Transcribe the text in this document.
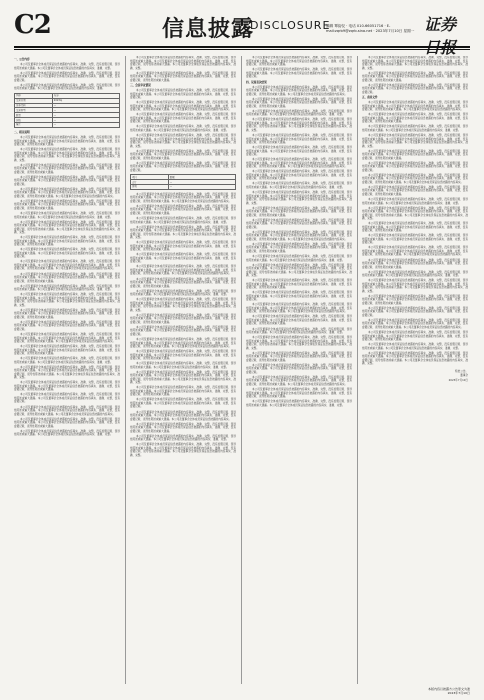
C2	信息披露
DISCLOSURE
编辑 覃韵仪 · 电话 010-66051716 · E-mail:zqrb9@zqrb.sina.net · 2023年7月10日 星期一 证券

一、公告内容

本公司及董事会全体成员保证信息披露的内容真实、准确、完整，没有虚假记载、误导性陈述或重大遗漏。本公司及董事会全体成员保证信息披露的内容真实、准确、完整。

本公司及董事会全体成员保证信息披露的内容真实、准确、完整，没有虚假记载、误导性陈述或重大遗漏。本公司及董事会全体成员保证信息披露的内容真实、准确、完整，没有虚假记载。

本公司及董事会全体成员保证信息披露的内容真实、准确、完整，没有虚假记载、误导性陈述或重大遗漏。本公司及董事会全体成员保证信息披露的内容真实、准确。

名称	内容
交易日期	2023年
证券代码	—
交易类型	—
数量	—
价格	—
备注	—

二、相关说明

本公司及董事会全体成员保证信息披露的内容真实、准确、完整，没有虚假记载、误导性陈述或重大遗漏。本公司及董事会全体成员保证信息披露的内容真实、准确、完整，没有虚假记载、误导性陈述或重大遗漏。

本公司及董事会全体成员保证信息披露的内容真实、准确、完整，没有虚假记载、误导性陈述或重大遗漏。本公司及董事会全体成员保证信息披露的内容真实、准确、完整，没有虚假记载、误导性陈述或重大遗漏。本公司及董事会全体成员保证信息披露的内容真实、准确、完整。

本公司及董事会全体成员保证信息披露的内容真实、准确、完整，没有虚假记载、误导性陈述或重大遗漏。本公司及董事会全体成员保证信息披露的内容真实、准确、完整，没有虚假记载、误导性陈述或重大遗漏。

本公司及董事会全体成员保证信息披露的内容真实、准确、完整，没有虚假记载、误导性陈述或重大遗漏。本公司及董事会全体成员保证信息披露的内容真实、准确、完整，没有虚假记载。

本公司及董事会全体成员保证信息披露的内容真实、准确、完整，没有虚假记载、误导性陈述或重大遗漏。本公司及董事会全体成员保证信息披露的内容真实、准确、完整，没有虚假记载、误导性陈述或重大遗漏。本公司及董事会全体成员保证信息披露的内容真实。

本公司及董事会全体成员保证信息披露的内容真实、准确、完整，没有虚假记载、误导性陈述或重大遗漏。本公司及董事会全体成员保证信息披露的内容真实、准确、完整，没有虚假记载、误导性陈述或重大遗漏。

本公司及董事会全体成员保证信息披露的内容真实、准确、完整，没有虚假记载、误导性陈述或重大遗漏。本公司及董事会全体成员保证信息披露的内容真实、准确、完整。

本公司及董事会全体成员保证信息披露的内容真实、准确、完整，没有虚假记载、误导性陈述或重大遗漏。本公司及董事会全体成员保证信息披露的内容真实、准确、完整，没有虚假记载、误导性陈述或重大遗漏。本公司及董事会全体成员保证信息披露的内容真实、准确、完整。

本公司及董事会全体成员保证信息披露的内容真实、准确、完整，没有虚假记载、误导性陈述或重大遗漏。本公司及董事会全体成员保证信息披露的内容真实、准确、完整，没有虚假记载、误导性陈述或重大遗漏。

本公司及董事会全体成员保证信息披露的内容真实、准确、完整，没有虚假记载、误导性陈述或重大遗漏。本公司及董事会全体成员保证信息披露的内容真实、准确、完整，没有虚假记载。

本公司及董事会全体成员保证信息披露的内容真实、准确、完整，没有虚假记载、误导性陈述或重大遗漏。本公司及董事会全体成员保证信息披露的内容真实、准确、完整，没有虚假记载、误导性陈述或重大遗漏。本公司及董事会全体成员保证信息披露的内容真实。

本公司及董事会全体成员保证信息披露的内容真实、准确、完整，没有虚假记载、误导性陈述或重大遗漏。本公司及董事会全体成员保证信息披露的内容真实、准确、完整，没有虚假记载、误导性陈述或重大遗漏。

本公司及董事会全体成员保证信息披露的内容真实、准确、完整，没有虚假记载、误导性陈述或重大遗漏。本公司及董事会全体成员保证信息披露的内容真实、准确、完整。

本公司及董事会全体成员保证信息披露的内容真实、准确、完整，没有虚假记载、误导性陈述或重大遗漏。本公司及董事会全体成员保证信息披露的内容真实、准确、完整，没有虚假记载、误导性陈述或重大遗漏。本公司及董事会全体成员保证信息披露的内容真实、准确、完整。

本公司及董事会全体成员保证信息披露的内容真实、准确、完整，没有虚假记载、误导性陈述或重大遗漏。本公司及董事会全体成员保证信息披露的内容真实、准确、完整，没有虚假记载、误导性陈述或重大遗漏。

本公司及董事会全体成员保证信息披露的内容真实、准确、完整，没有虚假记载、误导性陈述或重大遗漏。本公司及董事会全体成员保证信息披露的内容真实、准确、完整，没有虚假记载。

本公司及董事会全体成员保证信息披露的内容真实、准确、完整，没有虚假记载、误导性陈述或重大遗漏。本公司及董事会全体成员保证信息披露的内容真实、准确、完整，没有虚假记载、误导性陈述或重大遗漏。本公司及董事会全体成员保证信息披露的内容真实。

本公司及董事会全体成员保证信息披露的内容真实、准确、完整，没有虚假记载、误导性陈述或重大遗漏。本公司及董事会全体成员保证信息披露的内容真实、准确、完整，没有虚假记载、误导性陈述或重大遗漏。

本公司及董事会全体成员保证信息披露的内容真实、准确、完整，没有虚假记载、误导性陈述或重大遗漏。本公司及董事会全体成员保证信息披露的内容真实、准确、完整。

本公司及董事会全体成员保证信息披露的内容真实、准确、完整，没有虚假记载、误导性陈述或重大遗漏。本公司及董事会全体成员保证信息披露的内容真实、准确、完整，没有虚假记载、误导性陈述或重大遗漏。本公司及董事会全体成员保证信息披露的内容真实、准确、完整。

本公司及董事会全体成员保证信息披露的内容真实、准确、完整，没有虚假记载、误导性陈述或重大遗漏。本公司及董事会全体成员保证信息披露的内容真实、准确、完整，没有虚假记载、误导性陈述或重大遗漏。

本公司及董事会全体成员保证信息披露的内容真实、准确、完整，没有虚假记载、误导性陈述或重大遗漏。本公司及董事会全体成员保证信息披露的内容真实、准确、完整，没有虚假记载。

本公司及董事会全体成员保证信息披露的内容真实、准确、完整，没有虚假记载、误导性陈述或重大遗漏。本公司及董事会全体成员保证信息披露的内容真实、准确、完整，没有虚假记载、误导性陈述或重大遗漏。本公司及董事会全体成员保证信息披露的内容真实。

本公司及董事会全体成员保证信息披露的内容真实、准确、完整，没有虚假记载、误导性陈述或重大遗漏。本公司及董事会全体成员保证信息披露的内容真实、准确、完整，没有虚假记载、误导性陈述或重大遗漏。

本公司及董事会全体成员保证信息披露的内容真实、准确、完整，没有虚假记载、误导性陈述或重大遗漏。本公司及董事会全体成员保证信息披露的内容真实、准确、完整。

本公司及董事会全体成员保证信息披露的内容真实、准确、完整，没有虚假记载、误导性陈述或重大遗漏。本公司及董事会全体成员保证信息披露的内容真实、准确、完整，没有虚假记载、误导性陈述或重大遗漏。本公司及董事会全体成员保证信息披露的内容真实、准确、完整。

本公司及董事会全体成员保证信息披露的内容真实、准确、完整，没有虚假记载、误导性陈述或重大遗漏。本公司及董事会全体成员保证信息披露的内容真实、准确、完整，没有虚假记载、误导性陈述或重大遗漏。

三、会议审议情况

本公司及董事会全体成员保证信息披露的内容真实、准确、完整，没有虚假记载、误导性陈述或重大遗漏。本公司及董事会全体成员保证信息披露的内容真实、准确、完整，没有虚假记载。

本公司及董事会全体成员保证信息披露的内容真实、准确、完整，没有虚假记载、误导性陈述或重大遗漏。本公司及董事会全体成员保证信息披露的内容真实、准确、完整，没有虚假记载、误导性陈述或重大遗漏。本公司及董事会全体成员保证信息披露的内容真实。

本公司及董事会全体成员保证信息披露的内容真实、准确、完整，没有虚假记载、误导性陈述或重大遗漏。本公司及董事会全体成员保证信息披露的内容真实、准确、完整，没有虚假记载、误导性陈述或重大遗漏。

本公司及董事会全体成员保证信息披露的内容真实、准确、完整，没有虚假记载、误导性陈述或重大遗漏。本公司及董事会全体成员保证信息披露的内容真实、准确、完整。

本公司及董事会全体成员保证信息披露的内容真实、准确、完整，没有虚假记载、误导性陈述或重大遗漏。本公司及董事会全体成员保证信息披露的内容真实、准确、完整，没有虚假记载、误导性陈述或重大遗漏。本公司及董事会全体成员保证信息披露的内容真实、准确、完整。

本公司及董事会全体成员保证信息披露的内容真实、准确、完整，没有虚假记载、误导性陈述或重大遗漏。本公司及董事会全体成员保证信息披露的内容真实、准确、完整，没有虚假记载、误导性陈述或重大遗漏。

本公司及董事会全体成员保证信息披露的内容真实、准确、完整，没有虚假记载、误导性陈述或重大遗漏。本公司及董事会全体成员保证信息披露的内容真实、准确、完整，没有虚假记载。

项目	数额
合计	—
说明	—

本公司及董事会全体成员保证信息披露的内容真实、准确、完整，没有虚假记载、误导性陈述或重大遗漏。本公司及董事会全体成员保证信息披露的内容真实、准确、完整，没有虚假记载、误导性陈述或重大遗漏。本公司及董事会全体成员保证信息披露的内容真实。

本公司及董事会全体成员保证信息披露的内容真实、准确、完整，没有虚假记载、误导性陈述或重大遗漏。本公司及董事会全体成员保证信息披露的内容真实、准确、完整，没有虚假记载、误导性陈述或重大遗漏。

本公司及董事会全体成员保证信息披露的内容真实、准确、完整，没有虚假记载、误导性陈述或重大遗漏。本公司及董事会全体成员保证信息披露的内容真实、准确、完整。

本公司及董事会全体成员保证信息披露的内容真实、准确、完整，没有虚假记载、误导性陈述或重大遗漏。本公司及董事会全体成员保证信息披露的内容真实、准确、完整，没有虚假记载、误导性陈述或重大遗漏。本公司及董事会全体成员保证信息披露的内容真实、准确、完整。

本公司及董事会全体成员保证信息披露的内容真实、准确、完整，没有虚假记载、误导性陈述或重大遗漏。本公司及董事会全体成员保证信息披露的内容真实、准确、完整，没有虚假记载、误导性陈述或重大遗漏。

本公司及董事会全体成员保证信息披露的内容真实、准确、完整，没有虚假记载、误导性陈述或重大遗漏。本公司及董事会全体成员保证信息披露的内容真实、准确、完整，没有虚假记载。

本公司及董事会全体成员保证信息披露的内容真实、准确、完整，没有虚假记载、误导性陈述或重大遗漏。本公司及董事会全体成员保证信息披露的内容真实、准确、完整，没有虚假记载、误导性陈述或重大遗漏。本公司及董事会全体成员保证信息披露的内容真实。

本公司及董事会全体成员保证信息披露的内容真实、准确、完整，没有虚假记载、误导性陈述或重大遗漏。本公司及董事会全体成员保证信息披露的内容真实、准确、完整，没有虚假记载、误导性陈述或重大遗漏。

本公司及董事会全体成员保证信息披露的内容真实、准确、完整，没有虚假记载、误导性陈述或重大遗漏。本公司及董事会全体成员保证信息披露的内容真实、准确、完整。

本公司及董事会全体成员保证信息披露的内容真实、准确、完整，没有虚假记载、误导性陈述或重大遗漏。本公司及董事会全体成员保证信息披露的内容真实、准确、完整，没有虚假记载、误导性陈述或重大遗漏。本公司及董事会全体成员保证信息披露的内容真实、准确、完整。

本公司及董事会全体成员保证信息披露的内容真实、准确、完整，没有虚假记载、误导性陈述或重大遗漏。本公司及董事会全体成员保证信息披露的内容真实、准确、完整，没有虚假记载、误导性陈述或重大遗漏。

本公司及董事会全体成员保证信息披露的内容真实、准确、完整，没有虚假记载、误导性陈述或重大遗漏。本公司及董事会全体成员保证信息披露的内容真实、准确、完整，没有虚假记载。

本公司及董事会全体成员保证信息披露的内容真实、准确、完整，没有虚假记载、误导性陈述或重大遗漏。本公司及董事会全体成员保证信息披露的内容真实、准确、完整，没有虚假记载、误导性陈述或重大遗漏。本公司及董事会全体成员保证信息披露的内容真实。

本公司及董事会全体成员保证信息披露的内容真实、准确、完整，没有虚假记载、误导性陈述或重大遗漏。本公司及董事会全体成员保证信息披露的内容真实、准确、完整，没有虚假记载、误导性陈述或重大遗漏。

本公司及董事会全体成员保证信息披露的内容真实、准确、完整，没有虚假记载、误导性陈述或重大遗漏。本公司及董事会全体成员保证信息披露的内容真实、准确、完整。

本公司及董事会全体成员保证信息披露的内容真实、准确、完整，没有虚假记载、误导性陈述或重大遗漏。本公司及董事会全体成员保证信息披露的内容真实、准确、完整，没有虚假记载、误导性陈述或重大遗漏。本公司及董事会全体成员保证信息披露的内容真实、准确、完整。

本公司及董事会全体成员保证信息披露的内容真实、准确、完整，没有虚假记载、误导性陈述或重大遗漏。本公司及董事会全体成员保证信息披露的内容真实、准确、完整，没有虚假记载、误导性陈述或重大遗漏。

本公司及董事会全体成员保证信息披露的内容真实、准确、完整，没有虚假记载、误导性陈述或重大遗漏。本公司及董事会全体成员保证信息披露的内容真实、准确、完整，没有虚假记载。

本公司及董事会全体成员保证信息披露的内容真实、准确、完整，没有虚假记载、误导性陈述或重大遗漏。本公司及董事会全体成员保证信息披露的内容真实、准确、完整，没有虚假记载、误导性陈述或重大遗漏。本公司及董事会全体成员保证信息披露的内容真实。

本公司及董事会全体成员保证信息披露的内容真实、准确、完整，没有虚假记载、误导性陈述或重大遗漏。本公司及董事会全体成员保证信息披露的内容真实、准确、完整，没有虚假记载、误导性陈述或重大遗漏。

本公司及董事会全体成员保证信息披露的内容真实、准确、完整，没有虚假记载、误导性陈述或重大遗漏。本公司及董事会全体成员保证信息披露的内容真实、准确、完整。

本公司及董事会全体成员保证信息披露的内容真实、准确、完整，没有虚假记载、误导性陈述或重大遗漏。本公司及董事会全体成员保证信息披露的内容真实、准确、完整，没有虚假记载、误导性陈述或重大遗漏。本公司及董事会全体成员保证信息披露的内容真实、准确、完整。

本公司及董事会全体成员保证信息披露的内容真实、准确、完整，没有虚假记载、误导性陈述或重大遗漏。本公司及董事会全体成员保证信息披露的内容真实、准确、完整，没有虚假记载、误导性陈述或重大遗漏。

本公司及董事会全体成员保证信息披露的内容真实、准确、完整，没有虚假记载、误导性陈述或重大遗漏。本公司及董事会全体成员保证信息披露的内容真实、准确、完整，没有虚假记载。

四、议案表决结果

本公司及董事会全体成员保证信息披露的内容真实、准确、完整，没有虚假记载、误导性陈述或重大遗漏。本公司及董事会全体成员保证信息披露的内容真实、准确、完整，没有虚假记载、误导性陈述或重大遗漏。本公司及董事会全体成员保证信息披露的内容真实。

本公司及董事会全体成员保证信息披露的内容真实、准确、完整，没有虚假记载、误导性陈述或重大遗漏。本公司及董事会全体成员保证信息披露的内容真实、准确、完整，没有虚假记载、误导性陈述或重大遗漏。

本公司及董事会全体成员保证信息披露的内容真实、准确、完整，没有虚假记载、误导性陈述或重大遗漏。本公司及董事会全体成员保证信息披露的内容真实、准确、完整。

本公司及董事会全体成员保证信息披露的内容真实、准确、完整，没有虚假记载、误导性陈述或重大遗漏。本公司及董事会全体成员保证信息披露的内容真实、准确、完整，没有虚假记载、误导性陈述或重大遗漏。本公司及董事会全体成员保证信息披露的内容真实、准确、完整。

本公司及董事会全体成员保证信息披露的内容真实、准确、完整，没有虚假记载、误导性陈述或重大遗漏。本公司及董事会全体成员保证信息披露的内容真实、准确、完整，没有虚假记载、误导性陈述或重大遗漏。

本公司及董事会全体成员保证信息披露的内容真实、准确、完整，没有虚假记载、误导性陈述或重大遗漏。本公司及董事会全体成员保证信息披露的内容真实、准确、完整，没有虚假记载。

本公司及董事会全体成员保证信息披露的内容真实、准确、完整，没有虚假记载、误导性陈述或重大遗漏。本公司及董事会全体成员保证信息披露的内容真实、准确、完整，没有虚假记载、误导性陈述或重大遗漏。本公司及董事会全体成员保证信息披露的内容真实。

本公司及董事会全体成员保证信息披露的内容真实、准确、完整，没有虚假记载、误导性陈述或重大遗漏。本公司及董事会全体成员保证信息披露的内容真实、准确、完整，没有虚假记载、误导性陈述或重大遗漏。

本公司及董事会全体成员保证信息披露的内容真实、准确、完整，没有虚假记载、误导性陈述或重大遗漏。本公司及董事会全体成员保证信息披露的内容真实、准确、完整。

本公司及董事会全体成员保证信息披露的内容真实、准确、完整，没有虚假记载、误导性陈述或重大遗漏。本公司及董事会全体成员保证信息披露的内容真实、准确、完整，没有虚假记载、误导性陈述或重大遗漏。本公司及董事会全体成员保证信息披露的内容真实、准确、完整。

本公司及董事会全体成员保证信息披露的内容真实、准确、完整，没有虚假记载、误导性陈述或重大遗漏。本公司及董事会全体成员保证信息披露的内容真实、准确、完整，没有虚假记载、误导性陈述或重大遗漏。

本公司及董事会全体成员保证信息披露的内容真实、准确、完整，没有虚假记载、误导性陈述或重大遗漏。本公司及董事会全体成员保证信息披露的内容真实、准确、完整，没有虚假记载。

本公司及董事会全体成员保证信息披露的内容真实、准确、完整，没有虚假记载、误导性陈述或重大遗漏。本公司及董事会全体成员保证信息披露的内容真实、准确、完整，没有虚假记载、误导性陈述或重大遗漏。本公司及董事会全体成员保证信息披露的内容真实。

本公司及董事会全体成员保证信息披露的内容真实、准确、完整，没有虚假记载、误导性陈述或重大遗漏。本公司及董事会全体成员保证信息披露的内容真实、准确、完整，没有虚假记载、误导性陈述或重大遗漏。

本公司及董事会全体成员保证信息披露的内容真实、准确、完整，没有虚假记载、误导性陈述或重大遗漏。本公司及董事会全体成员保证信息披露的内容真实、准确、完整。

本公司及董事会全体成员保证信息披露的内容真实、准确、完整，没有虚假记载、误导性陈述或重大遗漏。本公司及董事会全体成员保证信息披露的内容真实、准确、完整，没有虚假记载、误导性陈述或重大遗漏。本公司及董事会全体成员保证信息披露的内容真实、准确、完整。

本公司及董事会全体成员保证信息披露的内容真实、准确、完整，没有虚假记载、误导性陈述或重大遗漏。本公司及董事会全体成员保证信息披露的内容真实、准确、完整，没有虚假记载、误导性陈述或重大遗漏。

本公司及董事会全体成员保证信息披露的内容真实、准确、完整，没有虚假记载、误导性陈述或重大遗漏。本公司及董事会全体成员保证信息披露的内容真实、准确、完整，没有虚假记载。

本公司及董事会全体成员保证信息披露的内容真实、准确、完整，没有虚假记载、误导性陈述或重大遗漏。本公司及董事会全体成员保证信息披露的内容真实、准确、完整，没有虚假记载、误导性陈述或重大遗漏。本公司及董事会全体成员保证信息披露的内容真实。

本公司及董事会全体成员保证信息披露的内容真实、准确、完整，没有虚假记载、误导性陈述或重大遗漏。本公司及董事会全体成员保证信息披露的内容真实、准确、完整，没有虚假记载、误导性陈述或重大遗漏。

本公司及董事会全体成员保证信息披露的内容真实、准确、完整，没有虚假记载、误导性陈述或重大遗漏。本公司及董事会全体成员保证信息披露的内容真实、准确、完整。

本公司及董事会全体成员保证信息披露的内容真实、准确、完整，没有虚假记载、误导性陈述或重大遗漏。本公司及董事会全体成员保证信息披露的内容真实、准确、完整，没有虚假记载、误导性陈述或重大遗漏。本公司及董事会全体成员保证信息披露的内容真实、准确、完整。

本公司及董事会全体成员保证信息披露的内容真实、准确、完整，没有虚假记载、误导性陈述或重大遗漏。本公司及董事会全体成员保证信息披露的内容真实、准确、完整，没有虚假记载、误导性陈述或重大遗漏。

本公司及董事会全体成员保证信息披露的内容真实、准确、完整，没有虚假记载、误导性陈述或重大遗漏。本公司及董事会全体成员保证信息披露的内容真实、准确、完整，没有虚假记载。

本公司及董事会全体成员保证信息披露的内容真实、准确、完整，没有虚假记载、误导性陈述或重大遗漏。本公司及董事会全体成员保证信息披露的内容真实、准确、完整，没有虚假记载、误导性陈述或重大遗漏。本公司及董事会全体成员保证信息披露的内容真实。

本公司及董事会全体成员保证信息披露的内容真实、准确、完整，没有虚假记载、误导性陈述或重大遗漏。本公司及董事会全体成员保证信息披露的内容真实、准确、完整，没有虚假记载、误导性陈述或重大遗漏。

本公司及董事会全体成员保证信息披露的内容真实、准确、完整，没有虚假记载、误导性陈述或重大遗漏。本公司及董事会全体成员保证信息披露的内容真实、准确、完整。

本公司及董事会全体成员保证信息披露的内容真实、准确、完整，没有虚假记载、误导性陈述或重大遗漏。本公司及董事会全体成员保证信息披露的内容真实、准确、完整，没有虚假记载、误导性陈述或重大遗漏。本公司及董事会全体成员保证信息披露的内容真实、准确、完整。

本公司及董事会全体成员保证信息披露的内容真实、准确、完整，没有虚假记载、误导性陈述或重大遗漏。本公司及董事会全体成员保证信息披露的内容真实、准确、完整，没有虚假记载、误导性陈述或重大遗漏。

本公司及董事会全体成员保证信息披露的内容真实、准确、完整，没有虚假记载、误导性陈述或重大遗漏。本公司及董事会全体成员保证信息披露的内容真实、准确、完整，没有虚假记载。

五、备查文件

本公司及董事会全体成员保证信息披露的内容真实、准确、完整，没有虚假记载、误导性陈述或重大遗漏。本公司及董事会全体成员保证信息披露的内容真实、准确、完整，没有虚假记载、误导性陈述或重大遗漏。本公司及董事会全体成员保证信息披露的内容真实。

本公司及董事会全体成员保证信息披露的内容真实、准确、完整，没有虚假记载、误导性陈述或重大遗漏。本公司及董事会全体成员保证信息披露的内容真实、准确、完整，没有虚假记载、误导性陈述或重大遗漏。

本公司及董事会全体成员保证信息披露的内容真实、准确、完整，没有虚假记载、误导性陈述或重大遗漏。本公司及董事会全体成员保证信息披露的内容真实、准确、完整。

本公司及董事会全体成员保证信息披露的内容真实、准确、完整，没有虚假记载、误导性陈述或重大遗漏。本公司及董事会全体成员保证信息披露的内容真实、准确、完整，没有虚假记载、误导性陈述或重大遗漏。本公司及董事会全体成员保证信息披露的内容真实、准确、完整。

本公司及董事会全体成员保证信息披露的内容真实、准确、完整，没有虚假记载、误导性陈述或重大遗漏。本公司及董事会全体成员保证信息披露的内容真实、准确、完整，没有虚假记载、误导性陈述或重大遗漏。

本公司及董事会全体成员保证信息披露的内容真实、准确、完整，没有虚假记载、误导性陈述或重大遗漏。本公司及董事会全体成员保证信息披露的内容真实、准确、完整，没有虚假记载。

本公司及董事会全体成员保证信息披露的内容真实、准确、完整，没有虚假记载、误导性陈述或重大遗漏。本公司及董事会全体成员保证信息披露的内容真实、准确、完整，没有虚假记载、误导性陈述或重大遗漏。本公司及董事会全体成员保证信息披露的内容真实。

本公司及董事会全体成员保证信息披露的内容真实、准确、完整，没有虚假记载、误导性陈述或重大遗漏。本公司及董事会全体成员保证信息披露的内容真实、准确、完整，没有虚假记载、误导性陈述或重大遗漏。

本公司及董事会全体成员保证信息披露的内容真实、准确、完整，没有虚假记载、误导性陈述或重大遗漏。本公司及董事会全体成员保证信息披露的内容真实、准确、完整。

本公司及董事会全体成员保证信息披露的内容真实、准确、完整，没有虚假记载、误导性陈述或重大遗漏。本公司及董事会全体成员保证信息披露的内容真实、准确、完整，没有虚假记载、误导性陈述或重大遗漏。本公司及董事会全体成员保证信息披露的内容真实、准确、完整。

本公司及董事会全体成员保证信息披露的内容真实、准确、完整，没有虚假记载、误导性陈述或重大遗漏。本公司及董事会全体成员保证信息披露的内容真实、准确、完整，没有虚假记载、误导性陈述或重大遗漏。

本公司及董事会全体成员保证信息披露的内容真实、准确、完整，没有虚假记载、误导性陈述或重大遗漏。本公司及董事会全体成员保证信息披露的内容真实、准确、完整，没有虚假记载。

本公司及董事会全体成员保证信息披露的内容真实、准确、完整，没有虚假记载、误导性陈述或重大遗漏。本公司及董事会全体成员保证信息披露的内容真实、准确、完整，没有虚假记载、误导性陈述或重大遗漏。本公司及董事会全体成员保证信息披露的内容真实。

本公司及董事会全体成员保证信息披露的内容真实、准确、完整，没有虚假记载、误导性陈述或重大遗漏。本公司及董事会全体成员保证信息披露的内容真实、准确、完整，没有虚假记载、误导性陈述或重大遗漏。

本公司及董事会全体成员保证信息披露的内容真实、准确、完整，没有虚假记载、误导性陈述或重大遗漏。本公司及董事会全体成员保证信息披露的内容真实、准确、完整。

本公司及董事会全体成员保证信息披露的内容真实、准确、完整，没有虚假记载、误导性陈述或重大遗漏。本公司及董事会全体成员保证信息披露的内容真实、准确、完整，没有虚假记载、误导性陈述或重大遗漏。本公司及董事会全体成员保证信息披露的内容真实、准确、完整。

本公司及董事会全体成员保证信息披露的内容真实、准确、完整，没有虚假记载、误导性陈述或重大遗漏。本公司及董事会全体成员保证信息披露的内容真实、准确、完整，没有虚假记载、误导性陈述或重大遗漏。

本公司及董事会全体成员保证信息披露的内容真实、准确、完整，没有虚假记载、误导性陈述或重大遗漏。本公司及董事会全体成员保证信息披露的内容真实、准确、完整，没有虚假记载。

本公司及董事会全体成员保证信息披露的内容真实、准确、完整，没有虚假记载、误导性陈述或重大遗漏。本公司及董事会全体成员保证信息披露的内容真实、准确、完整，没有虚假记载、误导性陈述或重大遗漏。本公司及董事会全体成员保证信息披露的内容真实。

本公司及董事会全体成员保证信息披露的内容真实、准确、完整，没有虚假记载、误导性陈述或重大遗漏。本公司及董事会全体成员保证信息披露的内容真实、准确、完整，没有虚假记载、误导性陈述或重大遗漏。

本公司及董事会全体成员保证信息披露的内容真实、准确、完整，没有虚假记载、误导性陈述或重大遗漏。本公司及董事会全体成员保证信息披露的内容真实、准确、完整。

本公司及董事会全体成员保证信息披露的内容真实、准确、完整，没有虚假记载、误导性陈述或重大遗漏。本公司及董事会全体成员保证信息披露的内容真实、准确、完整，没有虚假记载、误导性陈述或重大遗漏。本公司及董事会全体成员保证信息披露的内容真实、准确、完整。

特此公告。

董事会

2023年7月10日

本版内容以披露方公告原文为准
2023年7月10日
